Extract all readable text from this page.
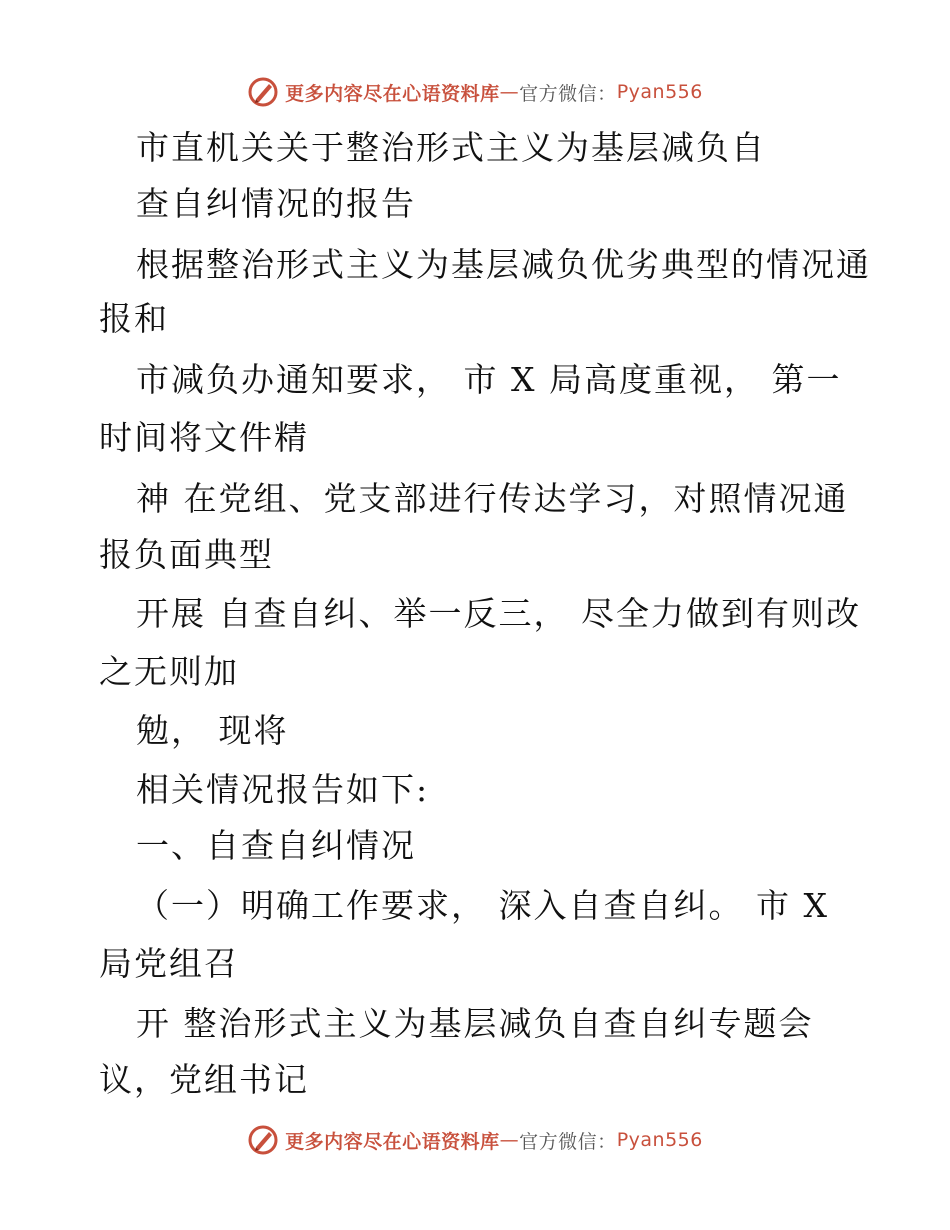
更多内容尽在心语资料库 — 官方微信： Pyan556
市直机关关于整治形式主义为基层减负自
查自纠情况的报告
根据整治形式主义为基层减负优劣典型的情况通
报和
市减负办通知要求， 市 X 局高度重视， 第一
时间将文件精
神 在党组、党支部进行传达学习，对照情况通
报负面典型
开展 自查自纠、举一反三， 尽全力做到有则改
之无则加
勉， 现将
相关情况报告如下:
一、自查自纠情况
（一）明确工作要求， 深入自查自纠。 市 X
局党组召
开 整治形式主义为基层减负自查自纠专题会
议，党组书记
更多内容尽在心语资料库 — 官方微信： Pyan556
